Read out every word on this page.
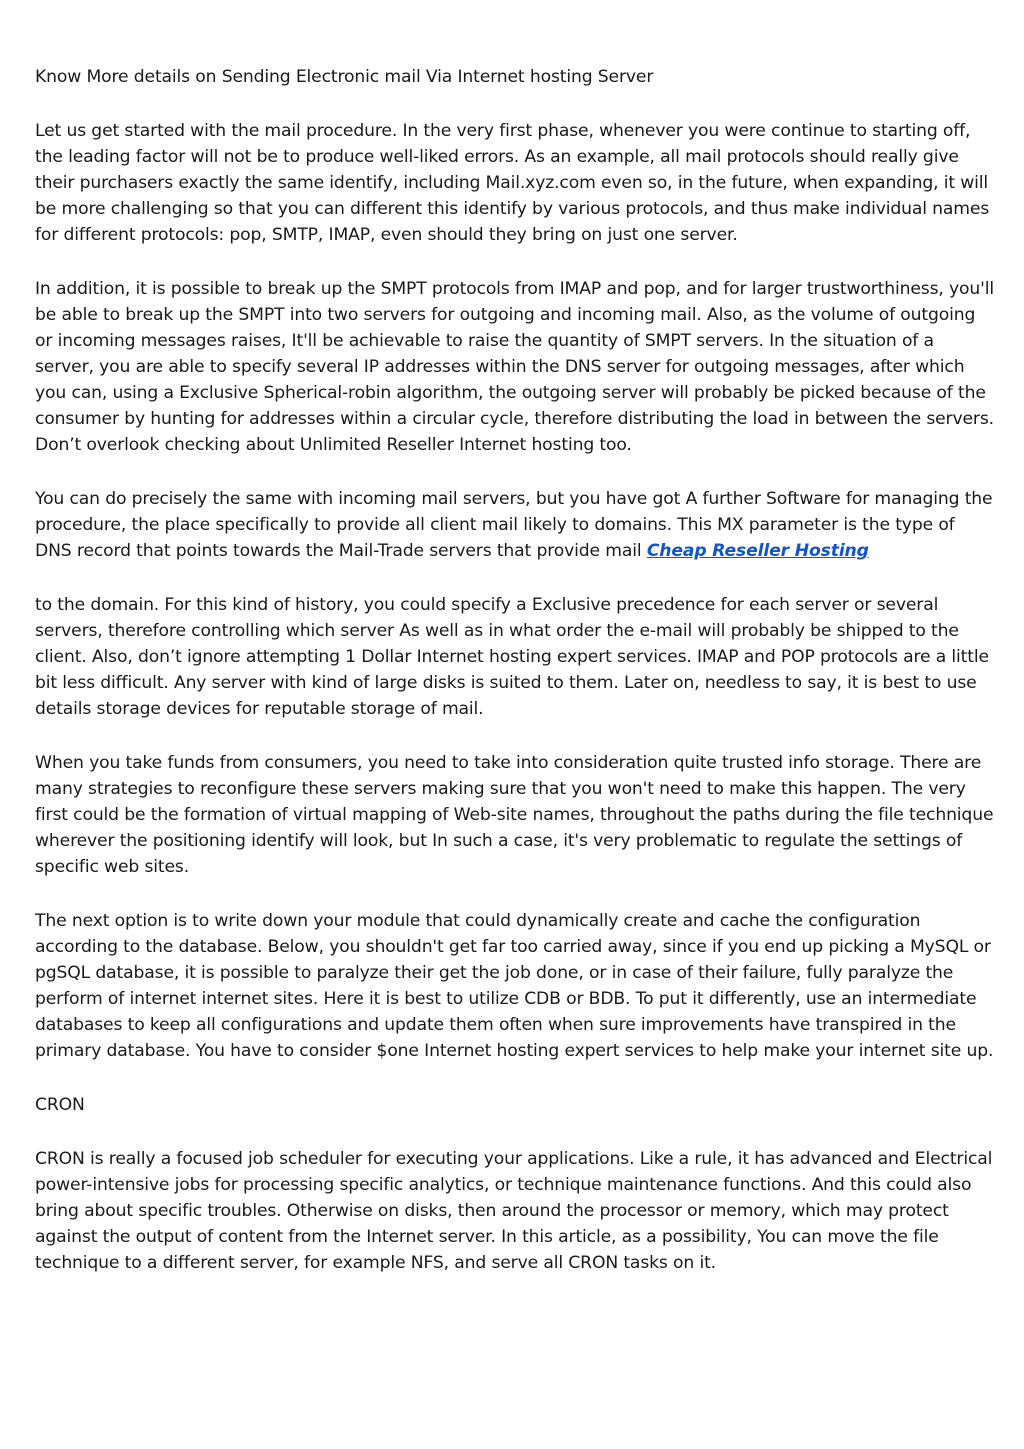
Know More details on Sending Electronic mail Via Internet hosting Server

Let us get started with the mail procedure. In the very first phase, whenever you were continue to starting off, the leading factor will not be to produce well-liked errors. As an example, all mail protocols should really give their purchasers exactly the same identify, including Mail.xyz.com even so, in the future, when expanding, it will be more challenging so that you can different this identify by various protocols, and thus make individual names for different protocols: pop, SMTP, IMAP, even should they bring on just one server.

In addition, it is possible to break up the SMPT protocols from IMAP and pop, and for larger trustworthiness, you'll be able to break up the SMPT into two servers for outgoing and incoming mail. Also, as the volume of outgoing or incoming messages raises, It'll be achievable to raise the quantity of SMPT servers. In the situation of a server, you are able to specify several IP addresses within the DNS server for outgoing messages, after which you can, using a Exclusive Spherical-robin algorithm, the outgoing server will probably be picked because of the consumer by hunting for addresses within a circular cycle, therefore distributing the load in between the servers. Don’t overlook checking about Unlimited Reseller Internet hosting too.

You can do precisely the same with incoming mail servers, but you have got A further Software for managing the procedure, the place specifically to provide all client mail likely to domains. This MX parameter is the type of DNS record that points towards the Mail-Trade servers that provide mail Cheap Reseller Hosting

to the domain. For this kind of history, you could specify a Exclusive precedence for each server or several servers, therefore controlling which server As well as in what order the e-mail will probably be shipped to the client. Also, don’t ignore attempting 1 Dollar Internet hosting expert services. IMAP and POP protocols are a little bit less difficult. Any server with kind of large disks is suited to them. Later on, needless to say, it is best to use details storage devices for reputable storage of mail.

When you take funds from consumers, you need to take into consideration quite trusted info storage. There are many strategies to reconfigure these servers making sure that you won't need to make this happen. The very first could be the formation of virtual mapping of Web-site names, throughout the paths during the file technique wherever the positioning identify will look, but In such a case, it's very problematic to regulate the settings of specific web sites.

The next option is to write down your module that could dynamically create and cache the configuration according to the database. Below, you shouldn't get far too carried away, since if you end up picking a MySQL or pgSQL database, it is possible to paralyze their get the job done, or in case of their failure, fully paralyze the perform of internet internet sites. Here it is best to utilize CDB or BDB. To put it differently, use an intermediate databases to keep all configurations and update them often when sure improvements have transpired in the primary database. You have to consider $one Internet hosting expert services to help make your internet site up.

CRON

CRON is really a focused job scheduler for executing your applications. Like a rule, it has advanced and Electrical power-intensive jobs for processing specific analytics, or technique maintenance functions. And this could also bring about specific troubles. Otherwise on disks, then around the processor or memory, which may protect against the output of content from the Internet server. In this article, as a possibility, You can move the file technique to a different server, for example NFS, and serve all CRON tasks on it.
